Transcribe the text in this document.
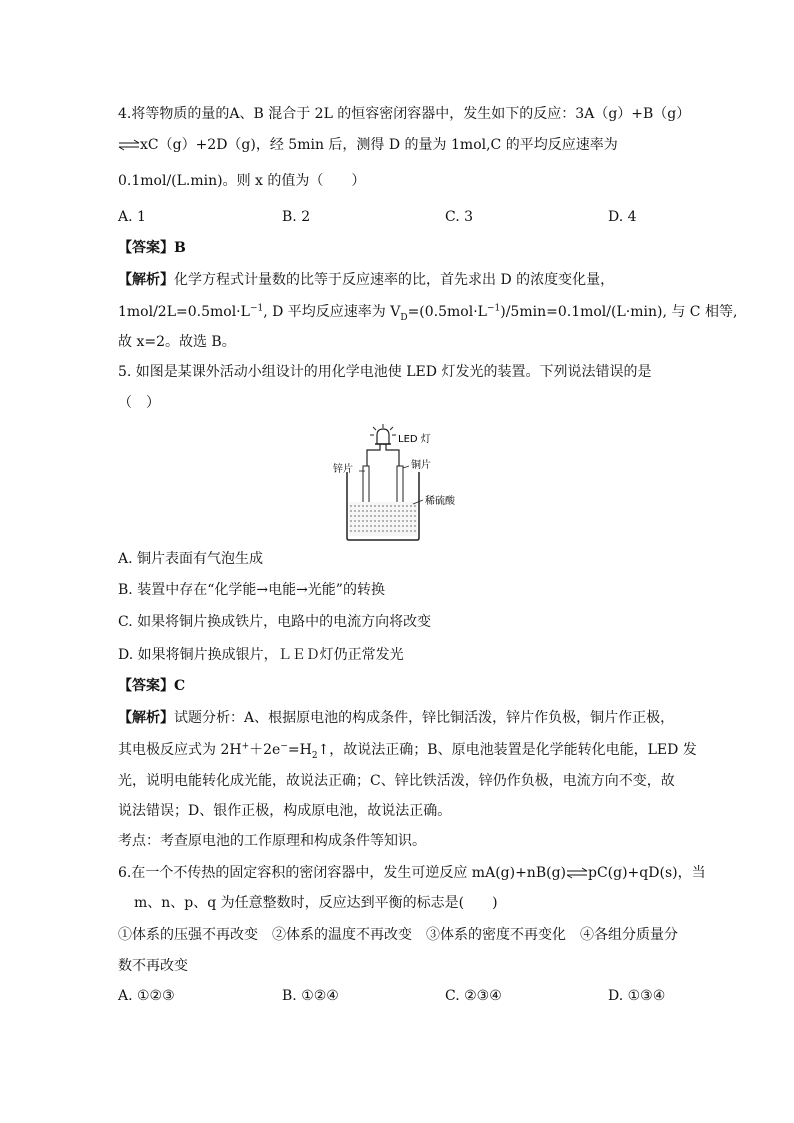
4.将等物质的量的A、B 混合于 2L 的恒容密闭容器中，发生如下的反应：3A（g）+B（g）
⇌xC（g）+2D（g)，经 5min 后，测得 D 的量为 1mol,C 的平均反应速率为
0.1mol/(L.min)。则 x 的值为（　　）
A. 1	B. 2	C. 3	D. 4
【答案】B
【解析】化学方程式计量数的比等于反应速率的比，首先求出 D 的浓度变化量，
$1mol/2L=0.5mol\cdot L^{-1}$, D 平均反应速率为 $V_D=(0.5mol\cdot L^{-1})/5\min=0.1mol/(L\cdot\min)$, 与 C 相等,
故 x=2。故选 B。
5. 如图是某课外活动小组设计的用化学电池使 LED 灯发光的装置。下列说法错误的是
（　）
LED 灯
锌片	铜片
稀硫酸
A. 铜片表面有气泡生成
B. 装置中存在“化学能→电能→光能”的转换
C. 如果将铜片换成铁片，电路中的电流方向将改变
D. 如果将铜片换成银片，ＬＥＤ灯仍正常发光
【答案】C
【解析】试题分析：A、根据原电池的构成条件，锌比铜活泼，锌片作负极，铜片作正极，
其电极反应式为 $2H^++2e^-=H_2↑$，故说法正确；B、原电池装置是化学能转化电能，LED 发
光，说明电能转化成光能，故说法正确；C、锌比铁活泼，锌仍作负极，电流方向不变，故
说法错误；D、银作正极，构成原电池，故说法正确。
考点：考查原电池的工作原理和构成条件等知识。
6.在一个不传热的固定容积的密闭容器中，发生可逆反应 mA(g)+nB(g)⇌pC(g)+qD(s)，当
m、n、p、q 为任意整数时，反应达到平衡的标志是(　　)
①体系的压强不再改变　②体系的温度不再改变　③体系的密度不再变化　④各组分质量分
数不再改变
A. ①②③	B. ①②④	C. ②③④	D. ①③④
